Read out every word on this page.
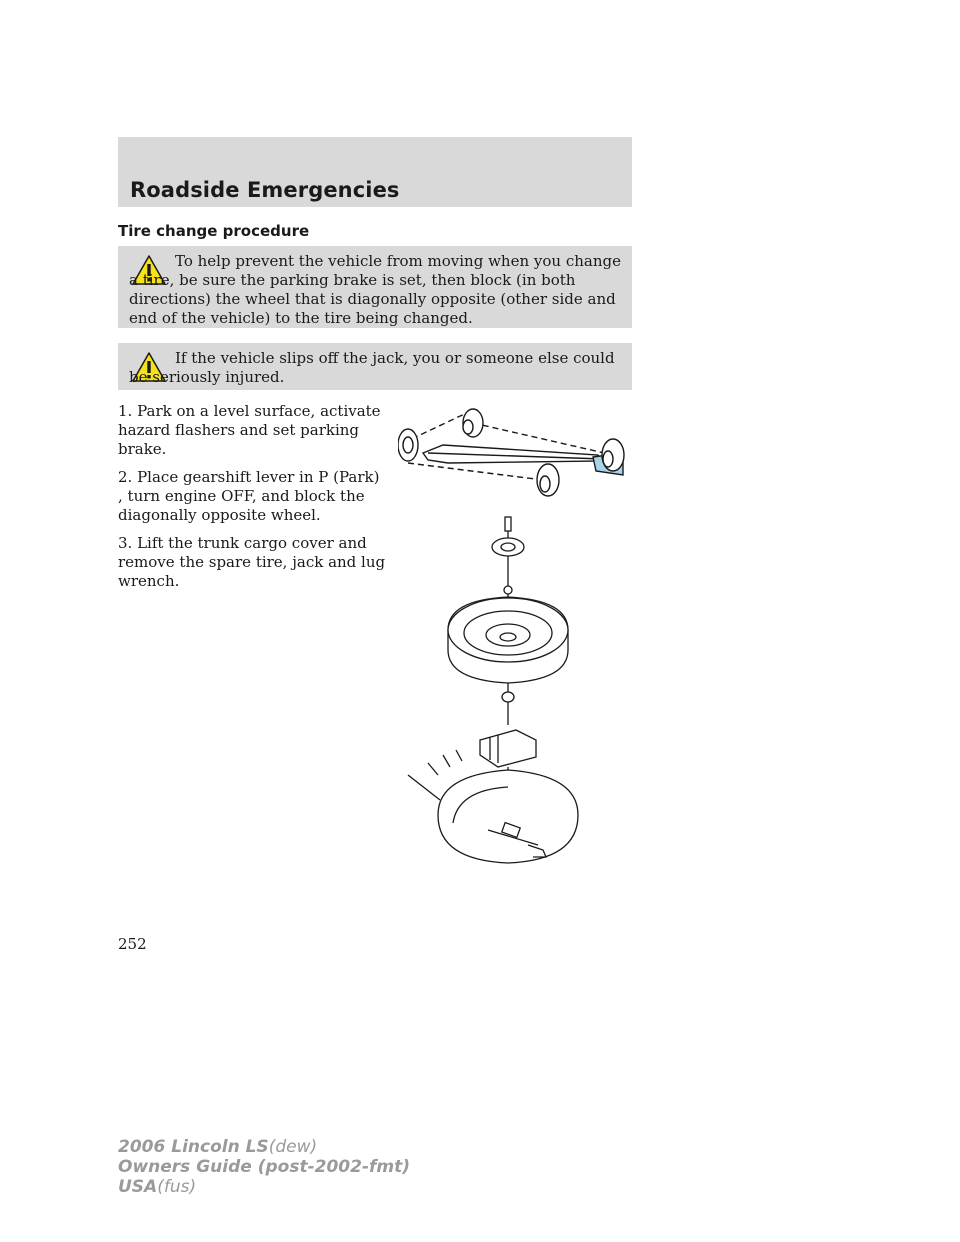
Roadside Emergencies
Tire change procedure

To help prevent the vehicle from moving when you change a tire, be sure the parking brake is set, then block (in both directions) the wheel that is diagonally opposite (other side and end of the vehicle) to the tire being changed.

If the vehicle slips off the jack, you or someone else could be seriously injured.

1. Park on a level surface, activate hazard flashers and set parking brake.

2. Place gearshift lever in P (Park) , turn engine OFF, and block the diagonally opposite wheel.

3. Lift the trunk cargo cover and remove the spare tire, jack and lug wrench.

252
2006 Lincoln LS(dew)
Owners Guide (post-2002-fmt)
USA(fus)
